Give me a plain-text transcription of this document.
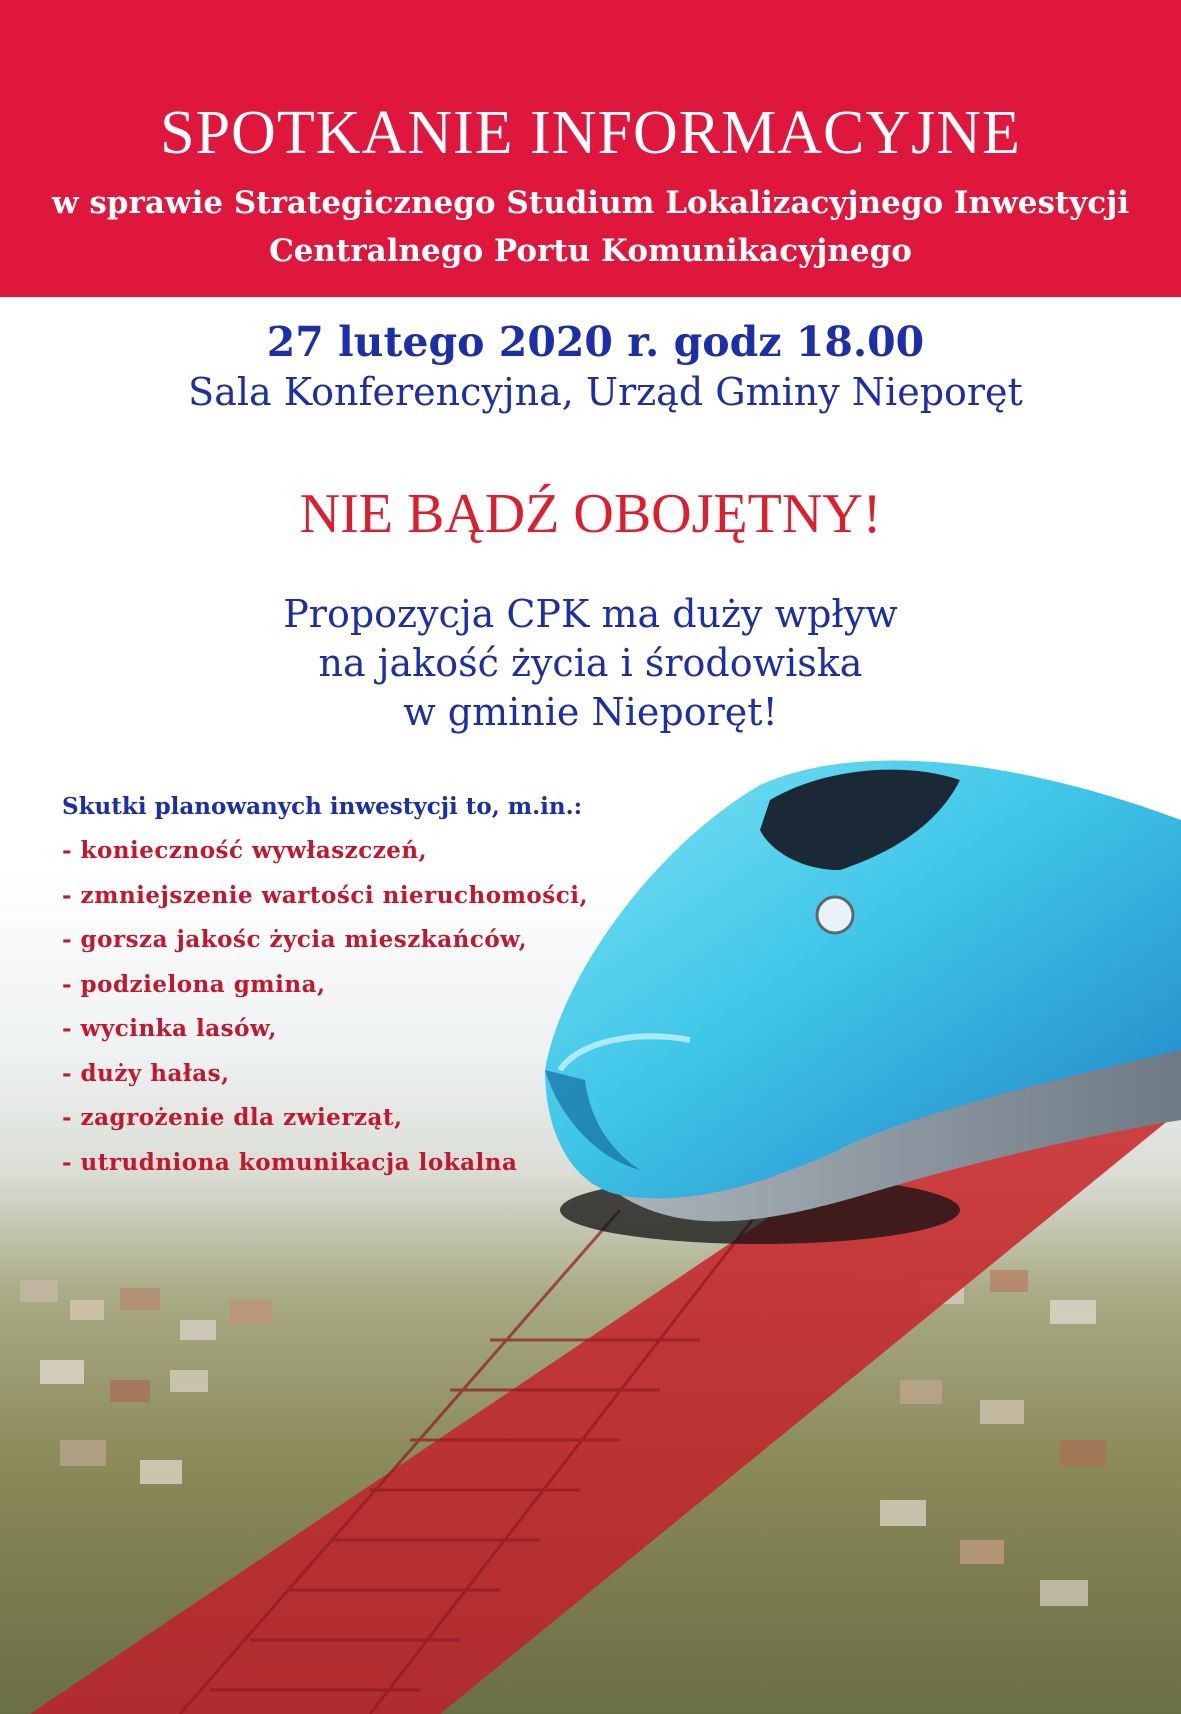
SPOTKANIE INFORMACYJNE
w sprawie Strategicznego Studium Lokalizacyjnego Inwestycji
Centralnego Portu Komunikacyjnego
27 lutego 2020 r. godz 18.00
Sala Konferencyjna, Urząd Gminy Nieporęt
NIE BĄDŹ OBOJĘTNY!
Propozycja CPK ma duży wpływ
na jakość życia i środowiska
w gminie Nieporęt!
Skutki planowanych inwestycji to, m.in.:
- konieczność wywłaszczeń,
- zmniejszenie wartości nieruchomości,
- gorsza jakośc życia mieszkańców,
- podzielona gmina,
- wycinka lasów,
- duży hałas,
- zagrożenie dla zwierząt,
- utrudniona komunikacja lokalna
